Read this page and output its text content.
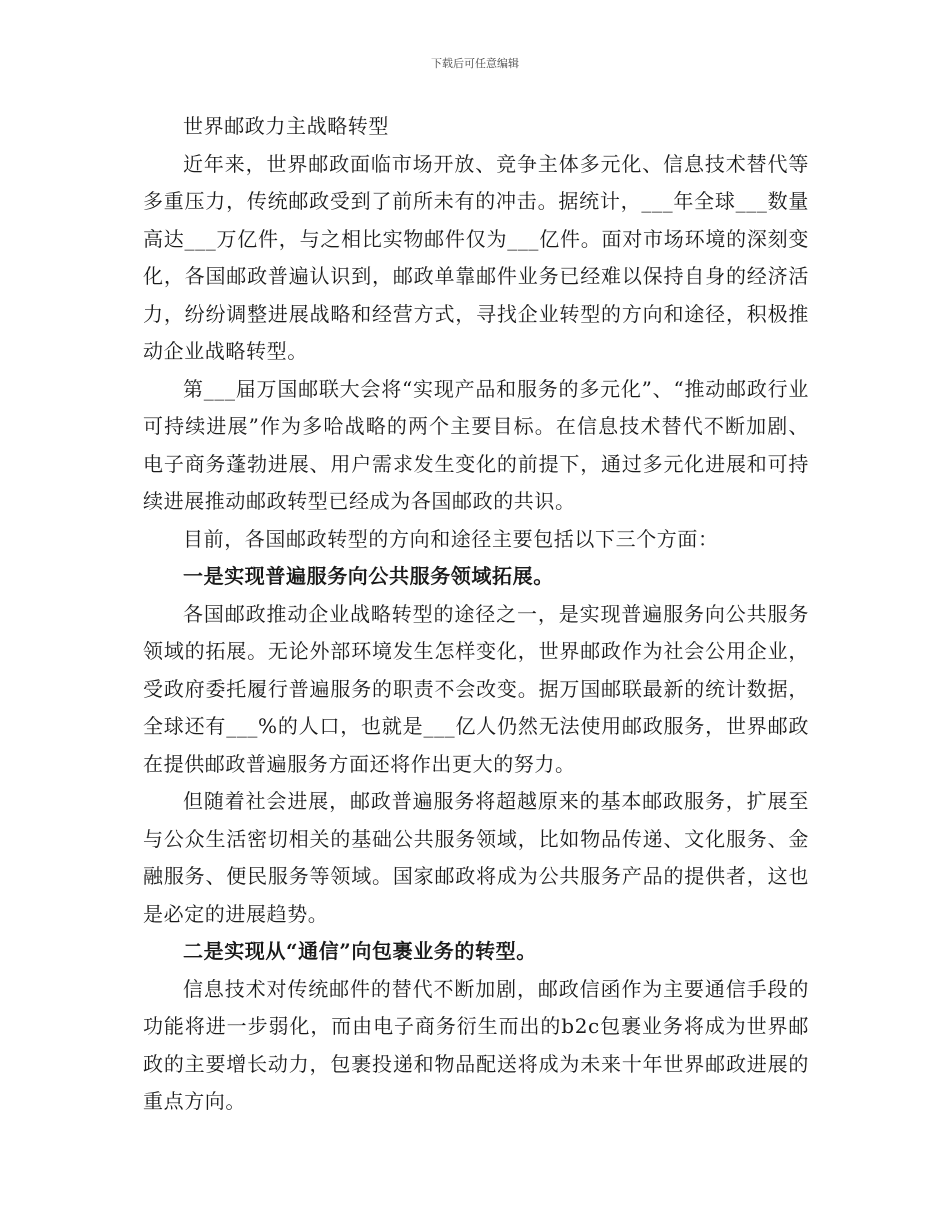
下载后可任意编辑

世界邮政力主战略转型

近年来，世界邮政面临市场开放、竞争主体多元化、信息技术替代等多重压力，传统邮政受到了前所未有的冲击。据统计，___年全球___数量高达___万亿件，与之相比实物邮件仅为___亿件。面对市场环境的深刻变化，各国邮政普遍认识到，邮政单靠邮件业务已经难以保持自身的经济活力，纷纷调整进展战略和经营方式，寻找企业转型的方向和途径，积极推动企业战略转型。

第___届万国邮联大会将“实现产品和服务的多元化”、“推动邮政行业可持续进展”作为多哈战略的两个主要目标。在信息技术替代不断加剧、电子商务蓬勃进展、用户需求发生变化的前提下，通过多元化进展和可持续进展推动邮政转型已经成为各国邮政的共识。

目前，各国邮政转型的方向和途径主要包括以下三个方面：

一是实现普遍服务向公共服务领域拓展。

各国邮政推动企业战略转型的途径之一，是实现普遍服务向公共服务领域的拓展。无论外部环境发生怎样变化，世界邮政作为社会公用企业，受政府委托履行普遍服务的职责不会改变。据万国邮联最新的统计数据，全球还有___%的人口，也就是___亿人仍然无法使用邮政服务，世界邮政在提供邮政普遍服务方面还将作出更大的努力。

但随着社会进展，邮政普遍服务将超越原来的基本邮政服务，扩展至与公众生活密切相关的基础公共服务领域，比如物品传递、文化服务、金融服务、便民服务等领域。国家邮政将成为公共服务产品的提供者，这也是必定的进展趋势。

二是实现从“通信”向包裹业务的转型。

信息技术对传统邮件的替代不断加剧，邮政信函作为主要通信手段的功能将进一步弱化，而由电子商务衍生而出的b2c包裹业务将成为世界邮政的主要增长动力，包裹投递和物品配送将成为未来十年世界邮政进展的重点方向。
